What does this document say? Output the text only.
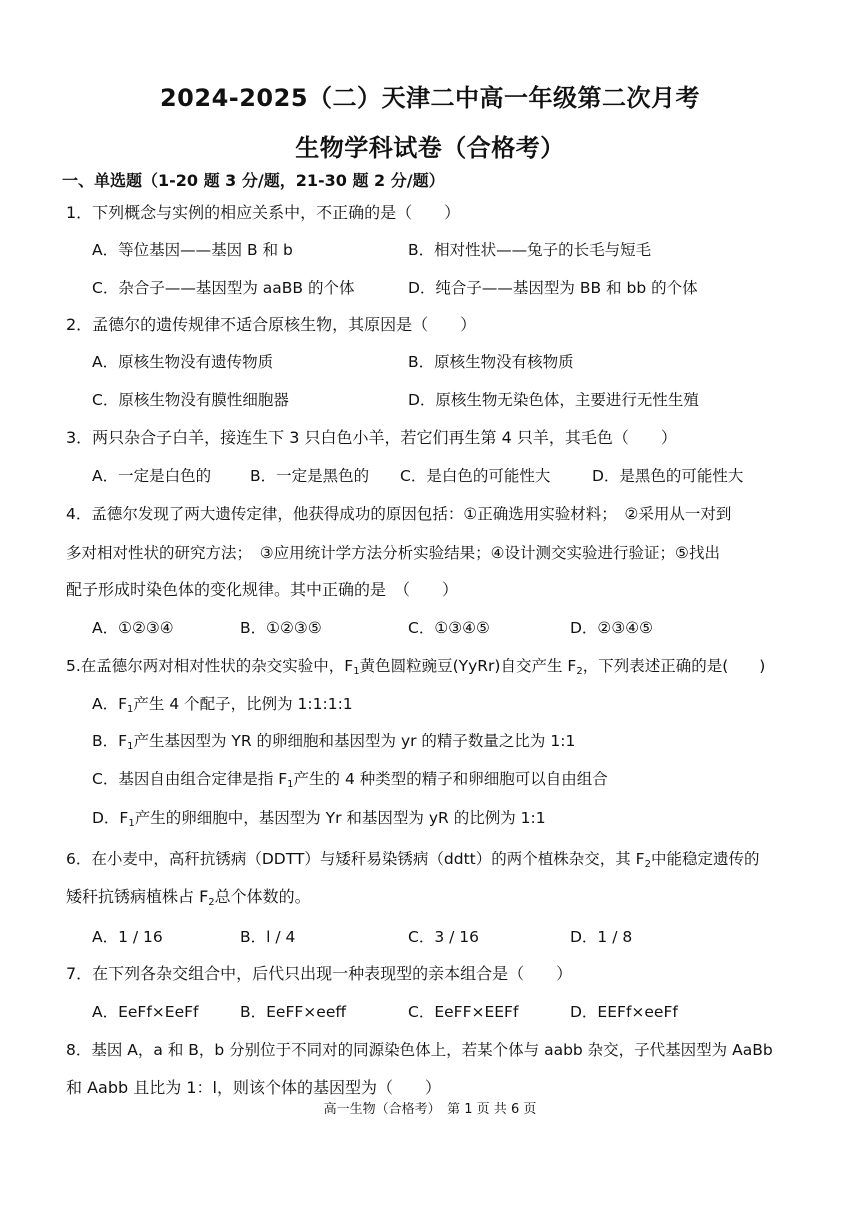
2024-2025（二）天津二中高一年级第二次月考
生物学科试卷（合格考）
一、单选题（1-20 题 3 分/题，21-30 题 2 分/题）
1．下列概念与实例的相应关系中，不正确的是（　　）
A．等位基因——基因 B 和 b	B．相对性状——兔子的长毛与短毛
C．杂合子——基因型为 aaBB 的个体	D．纯合子——基因型为 BB 和 bb 的个体
2．孟德尔的遗传规律不适合原核生物，其原因是（　　）
A．原核生物没有遗传物质	B．原核生物没有核物质
C．原核生物没有膜性细胞器	D．原核生物无染色体，主要进行无性生殖
3．两只杂合子白羊，接连生下 3 只白色小羊，若它们再生第 4 只羊，其毛色（　　）
A．一定是白色的	B．一定是黑色的 C．是白色的可能性大	D．是黑色的可能性大
4．孟德尔发现了两大遗传定律，他获得成功的原因包括：①正确选用实验材料；　②采用从一对到
多对相对性状的研究方法；　③应用统计学方法分析实验结果；④设计测交实验进行验证；⑤找出
配子形成时染色体的变化规律。其中正确的是　（　　）
A．①②③④	B．①②③⑤	C．①③④⑤	D．②③④⑤
5.在孟德尔两对相对性状的杂交实验中，$F_1$黄色圆粒豌豆(YyRr)自交产生 $F_2$，下列表述正确的是(　　)
A．$F_1$产生 4 个配子，比例为 1:1:1:1
B．$F_1$产生基因型为 YR 的卵细胞和基因型为 yr 的精子数量之比为 1:1
C．基因自由组合定律是指 $F_1$产生的 4 种类型的精子和卵细胞可以自由组合
D．$F_1$产生的卵细胞中，基因型为 Yr 和基因型为 yR 的比例为 1:1
6．在小麦中，高秆抗锈病（DDTT）与矮秆易染锈病（ddtt）的两个植株杂交，其 $F_2$中能稳定遗传的
矮秆抗锈病植株占 $F_2$总个体数的。
A．1 / 16	B．l / 4	C．3 / 16	D．1 / 8
7．在下列各杂交组合中，后代只出现一种表现型的亲本组合是（　　）
A．EeFf×EeFf	B．EeFF×eeff	C．EeFF×EEFf	D．EEFf×eeFf
8．基因 A，a 和 B，b 分别位于不同对的同源染色体上，若某个体与 aabb 杂交，子代基因型为 AaBb
和 Aabb 且比为 1：l，则该个体的基因型为（　　）
高一生物（合格考）　第 1 页 共 6 页
